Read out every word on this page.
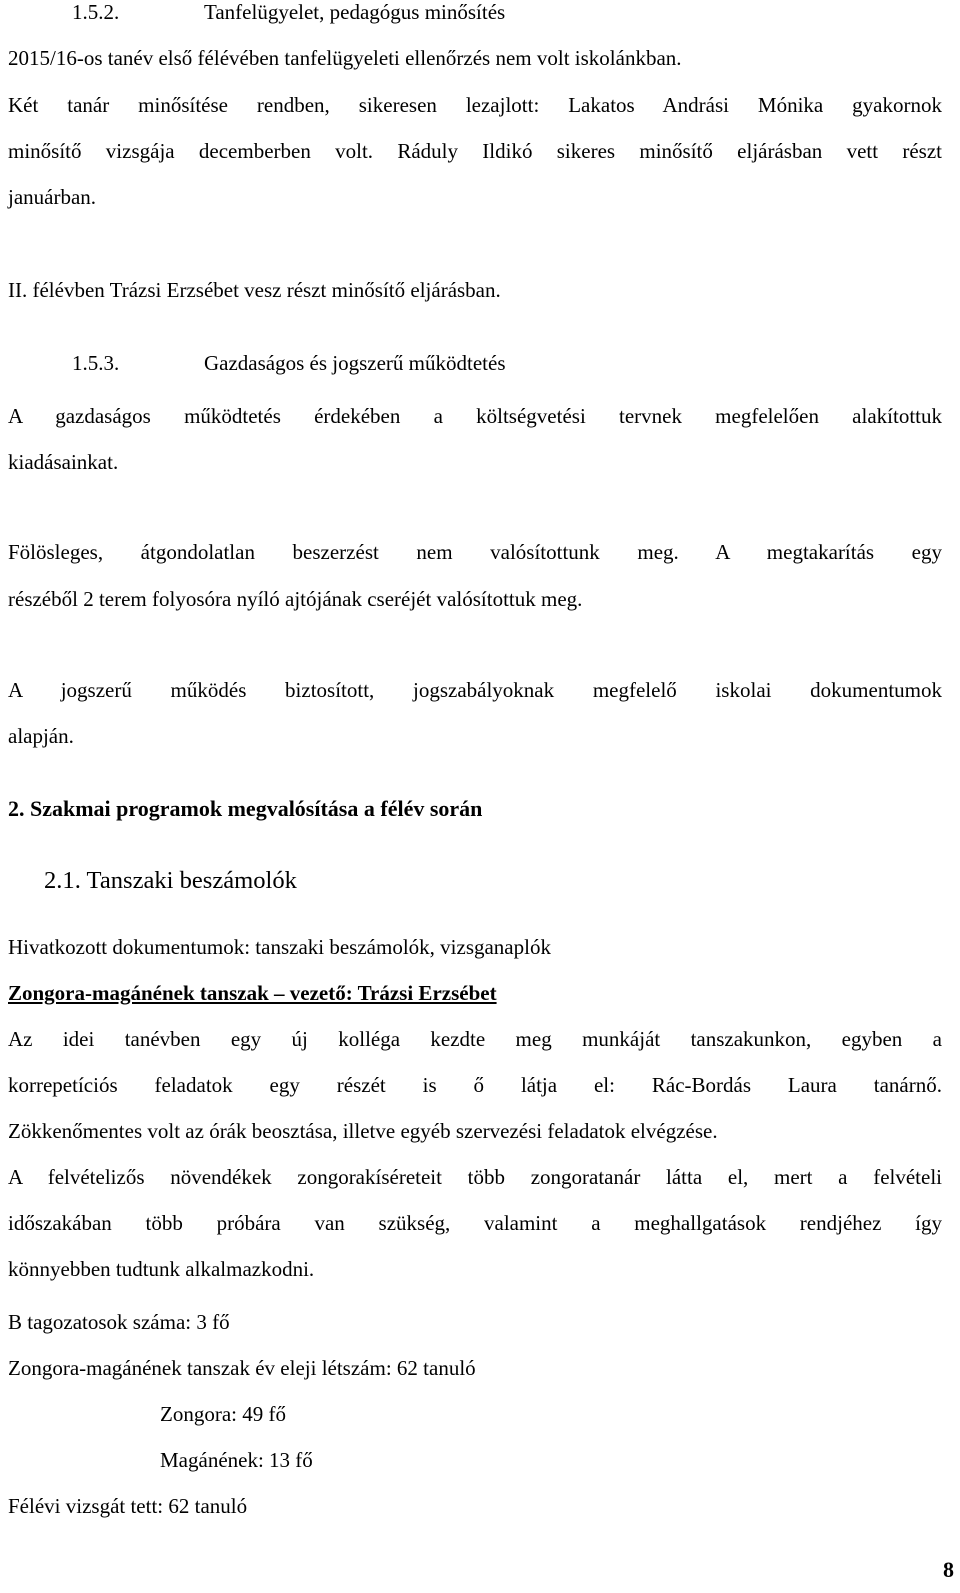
1.5.2.	Tanfelügyelet, pedagógus minősítés

2015/16-os tanév első félévében tanfelügyeleti ellenőrzés nem volt iskolánkban.

Két tanár minősítése rendben, sikeresen lezajlott: Lakatos Andrási Mónika gyakornok

minősítő vizsgája decemberben volt. Ráduly Ildikó sikeres minősítő eljárásban vett részt

januárban.

II. félévben Trázsi Erzsébet vesz részt minősítő eljárásban.

1.5.3.	Gazdaságos és jogszerű működtetés

A gazdaságos működtetés érdekében a költségvetési tervnek megfelelően alakítottuk

kiadásainkat.

Fölösleges, átgondolatlan beszerzést nem valósítottunk meg. A megtakarítás egy

részéből 2 terem folyosóra nyíló ajtójának cseréjét valósítottuk meg.

A jogszerű működés biztosított, jogszabályoknak megfelelő iskolai dokumentumok

alapján.

2. Szakmai programok megvalósítása a félév során
2.1. Tanszaki beszámolók

Hivatkozott dokumentumok: tanszaki beszámolók, vizsganaplók

Zongora-magánének tanszak – vezető: Trázsi Erzsébet

Az idei tanévben egy új kolléga kezdte meg munkáját tanszakunkon, egyben a

korrepetíciós feladatok egy részét is ő látja el: Rác-Bordás Laura tanárnő.

Zökkenőmentes volt az órák beosztása, illetve egyéb szervezési feladatok elvégzése.

A felvételizős növendékek zongorakíséreteit több zongoratanár látta el, mert a felvételi

időszakában több próbára van szükség, valamint a meghallgatások rendjéhez így

könnyebben tudtunk alkalmazkodni.

B tagozatosok száma: 3 fő

Zongora-magánének tanszak év eleji létszám: 62 tanuló

Zongora: 49 fő

Magánének: 13 fő

Félévi vizsgát tett: 62 tanuló

8
